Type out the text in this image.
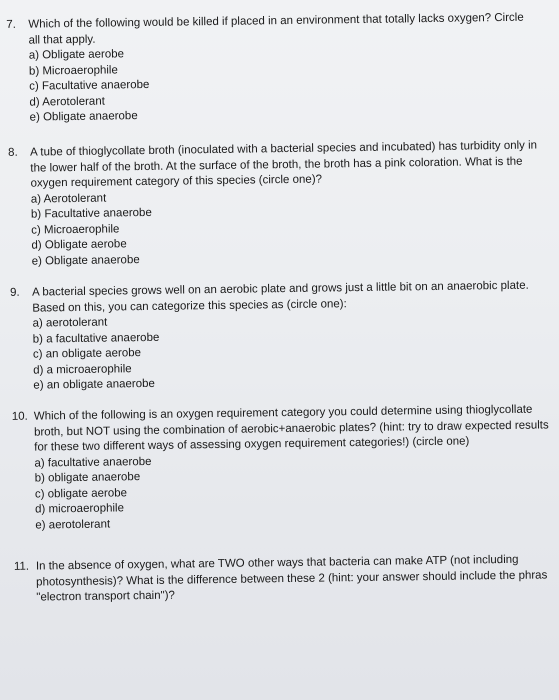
7. Which of the following would be killed if placed in an environment that totally lacks oxygen? Circle all that apply.
a) Obligate aerobe
b) Microaerophile
c) Facultative anaerobe
d) Aerotolerant
e) Obligate anaerobe
8. A tube of thioglycollate broth (inoculated with a bacterial species and incubated) has turbidity only in the lower half of the broth. At the surface of the broth, the broth has a pink coloration. What is the oxygen requirement category of this species (circle one)?
a) Aerotolerant
b) Facultative anaerobe
c) Microaerophile
d) Obligate aerobe
e) Obligate anaerobe
9. A bacterial species grows well on an aerobic plate and grows just a little bit on an anaerobic plate. Based on this, you can categorize this species as (circle one):
a) aerotolerant
b) a facultative anaerobe
c) an obligate aerobe
d) a microaerophile
e) an obligate anaerobe
10. Which of the following is an oxygen requirement category you could determine using thioglycollate broth, but NOT using the combination of aerobic+anaerobic plates? (hint: try to draw expected results for these two different ways of assessing oxygen requirement categories!) (circle one)
a) facultative anaerobe
b) obligate anaerobe
c) obligate aerobe
d) microaerophile
e) aerotolerant
11. In the absence of oxygen, what are TWO other ways that bacteria can make ATP (not including photosynthesis)? What is the difference between these 2 (hint: your answer should include the phras "electron transport chain")?
